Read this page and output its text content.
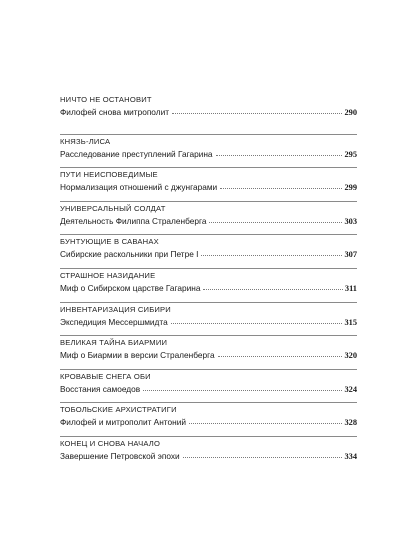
НИЧТО НЕ ОСТАНОВИТ
Филофей снова митрополит	290
КНЯЗЬ-ЛИСА
Расследование преступлений Гагарина	295
ПУТИ НЕИСПОВЕДИМЫЕ
Нормализация отношений с джунгарами	299
УНИВЕРСАЛЬНЫЙ СОЛДАТ
Деятельность Филиппа Страленберга	303
БУНТУЮЩИЕ В САВАНАХ
Сибирские раскольники при Петре I	307
СТРАШНОЕ НАЗИДАНИЕ
Миф о Сибирском царстве Гагарина	311
ИНВЕНТАРИЗАЦИЯ СИБИРИ
Экспедиция Мессершмидта	315
ВЕЛИКАЯ ТАЙНА БИАРМИИ
Миф о Биармии в версии Страленберга	320
КРОВАВЫЕ СНЕГА ОБИ
Восстания самоедов	324
ТОБОЛЬСКИЕ АРХИСТРАТИГИ
Филофей и митрополит Антоний	328
КОНЕЦ И СНОВА НАЧАЛО
Завершение Петровской эпохи	334
